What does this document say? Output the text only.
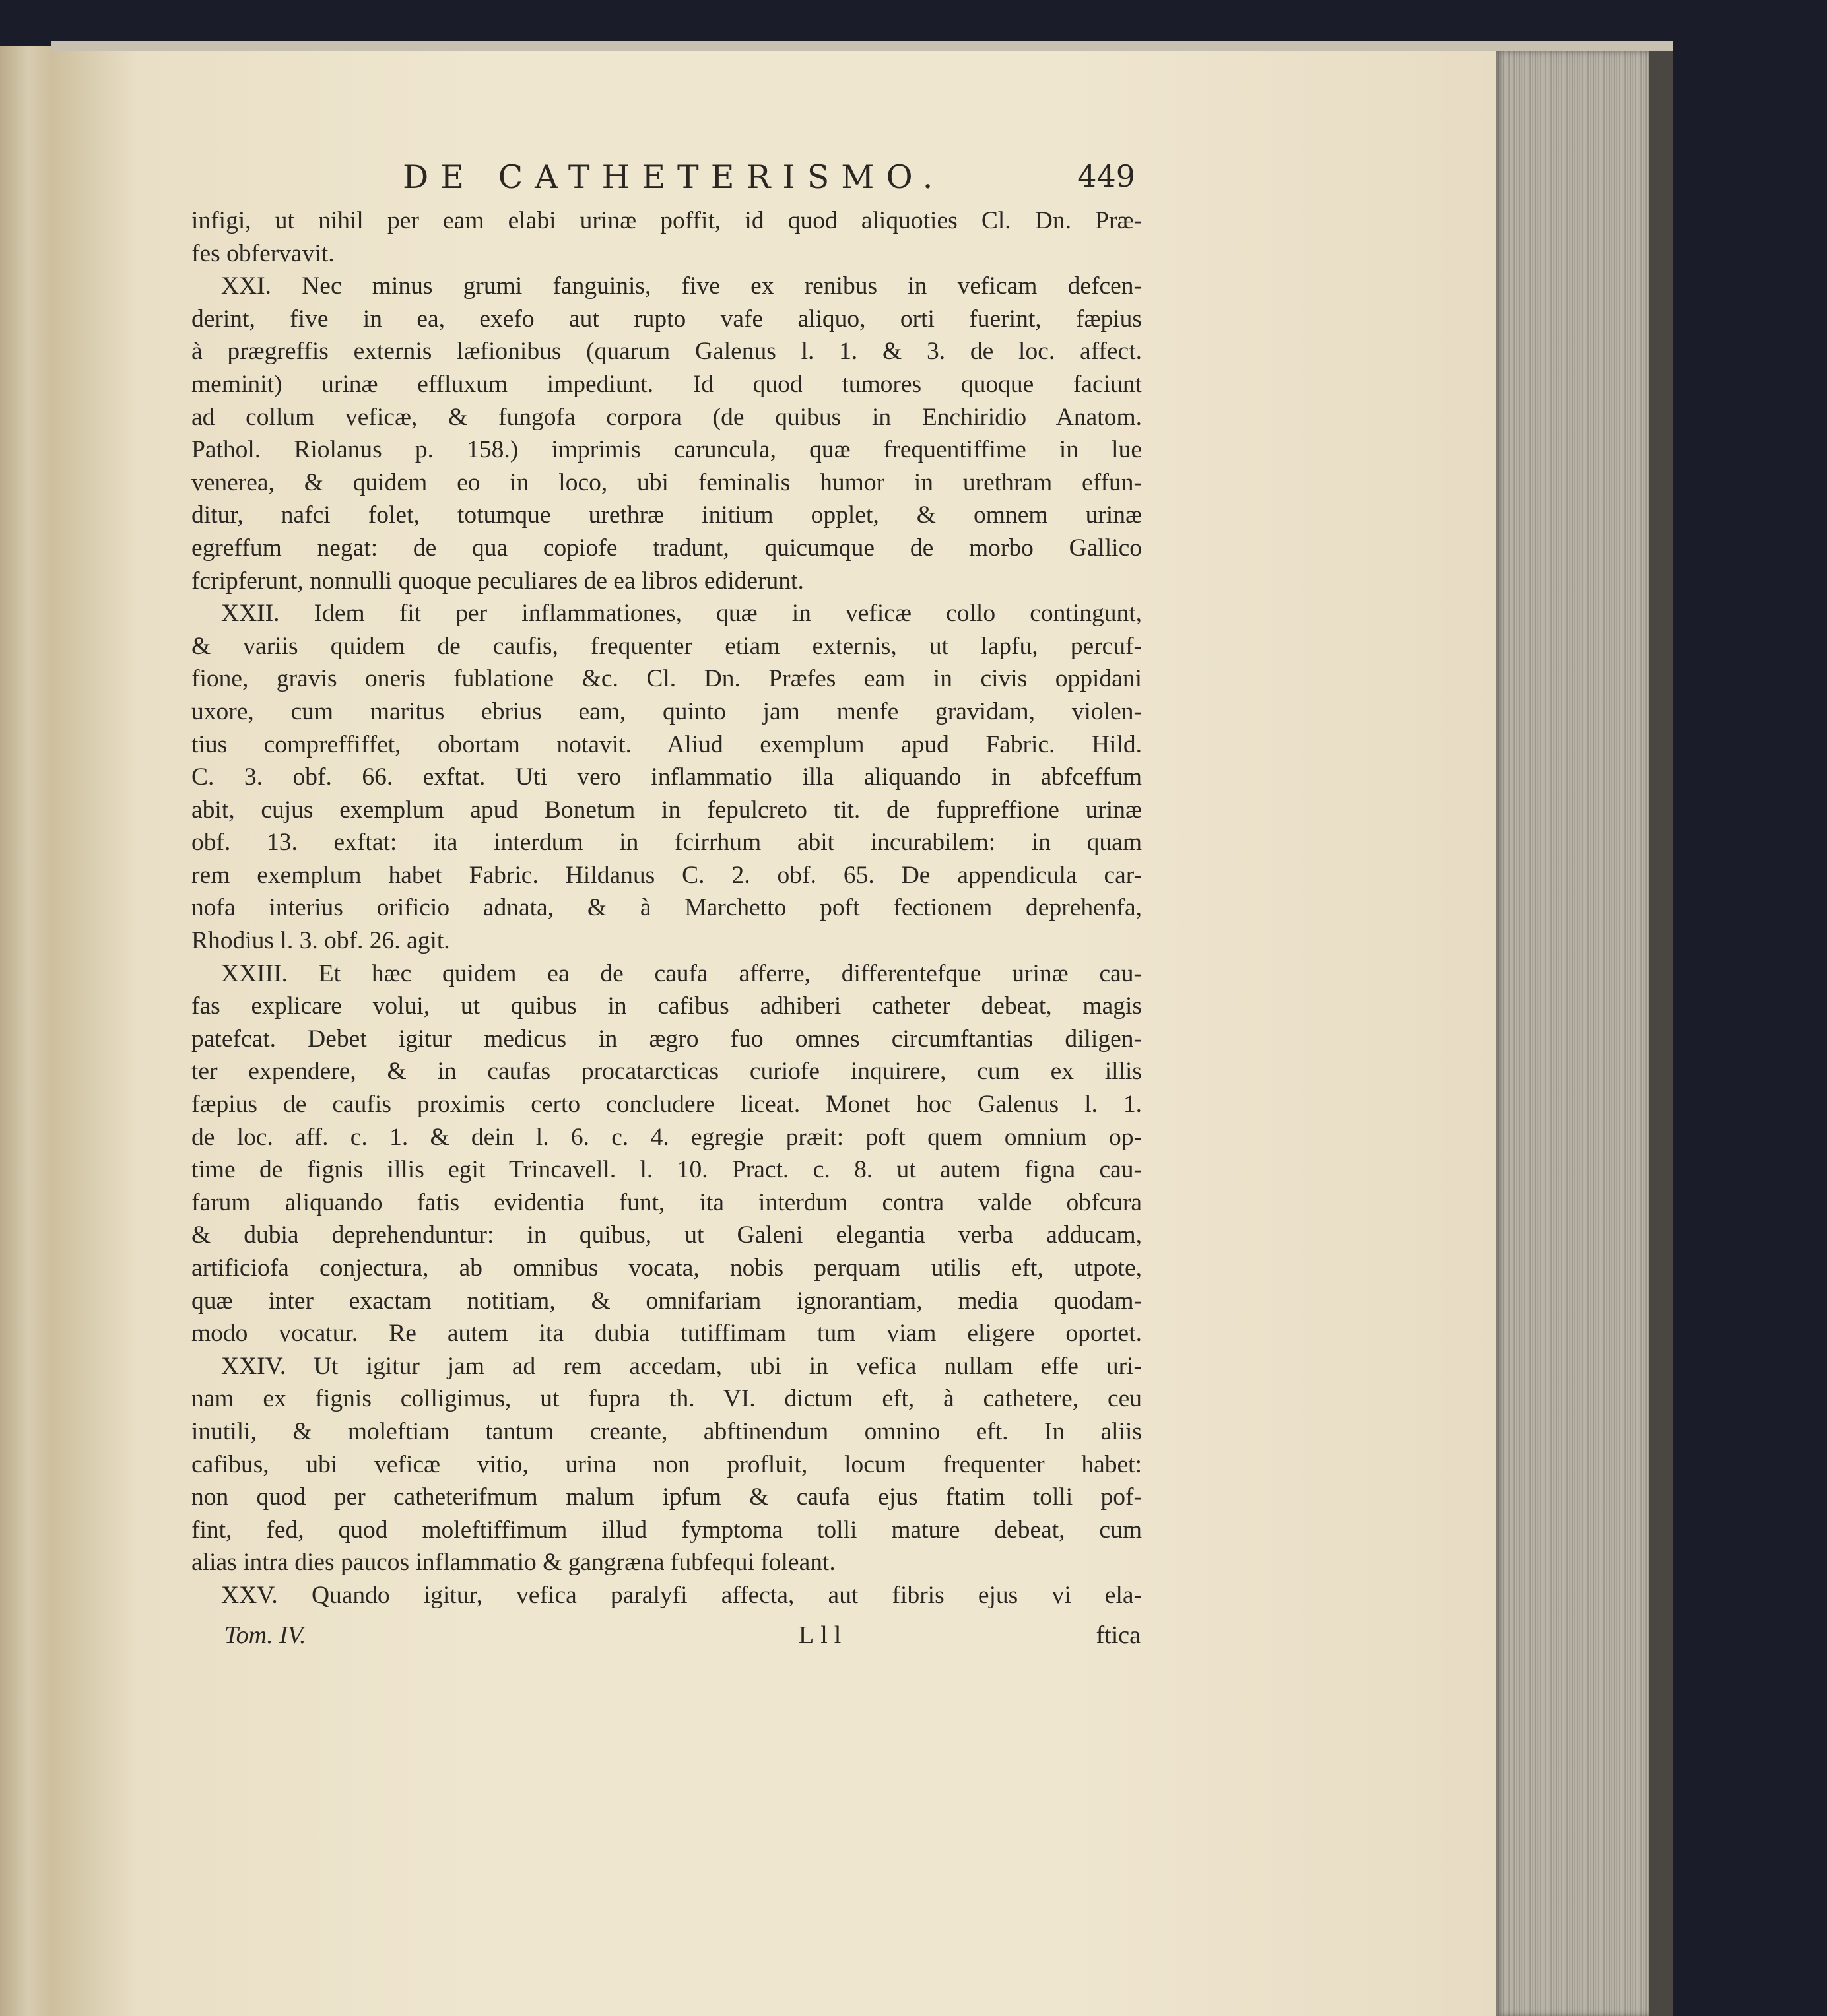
DE CATHETERISMO.	449
infigi, ut nihil per eam elabi urinæ poffit, id quod aliquoties Cl. Dn. Præ-
fes obfervavit.
XXI. Nec minus grumi fanguinis, five ex renibus in veficam defcen-
derint, five in ea, exefo aut rupto vafe aliquo, orti fuerint, fæpius
à prægreffis externis læfionibus (quarum Galenus l. 1. & 3. de loc. affect.
meminit) urinæ effluxum impediunt. Id quod tumores quoque faciunt
ad collum veficæ, & fungofa corpora (de quibus in Enchiridio Anatom.
Pathol. Riolanus p. 158.) imprimis caruncula, quæ frequentiffime in lue
venerea, & quidem eo in loco, ubi feminalis humor in urethram effun-
ditur, nafci folet, totumque urethræ initium opplet, & omnem urinæ
egreffum negat: de qua copiofe tradunt, quicumque de morbo Gallico
fcripferunt, nonnulli quoque peculiares de ea libros ediderunt.
XXII. Idem fit per inflammationes, quæ in veficæ collo contingunt,
& variis quidem de caufis, frequenter etiam externis, ut lapfu, percuf-
fione, gravis oneris fublatione &c. Cl. Dn. Præfes eam in civis oppidani
uxore, cum maritus ebrius eam, quinto jam menfe gravidam, violen-
tius compreffiffet, obortam notavit. Aliud exemplum apud Fabric. Hild.
C. 3. obf. 66. exftat. Uti vero inflammatio illa aliquando in abfceffum
abit, cujus exemplum apud Bonetum in fepulcreto tit. de fuppreffione urinæ
obf. 13. exftat: ita interdum in fcirrhum abit incurabilem: in quam
rem exemplum habet Fabric. Hildanus C. 2. obf. 65. De appendicula car-
nofa interius orificio adnata, & à Marchetto poft fectionem deprehenfa,
Rhodius l. 3. obf. 26. agit.
XXIII. Et hæc quidem ea de caufa afferre, differentefque urinæ cau-
fas explicare volui, ut quibus in cafibus adhiberi catheter debeat, magis
patefcat. Debet igitur medicus in ægro fuo omnes circumftantias diligen-
ter expendere, & in caufas procatarcticas curiofe inquirere, cum ex illis
fæpius de caufis proximis certo concludere liceat. Monet hoc Galenus l. 1.
de loc. aff. c. 1. & dein l. 6. c. 4. egregie præit: poft quem omnium op-
time de fignis illis egit Trincavell. l. 10. Pract. c. 8. ut autem figna cau-
farum aliquando fatis evidentia funt, ita interdum contra valde obfcura
& dubia deprehenduntur: in quibus, ut Galeni elegantia verba adducam,
artificiofa conjectura, ab omnibus vocata, nobis perquam utilis eft, utpote,
quæ inter exactam notitiam, & omnifariam ignorantiam, media quodam-
modo vocatur. Re autem ita dubia tutiffimam tum viam eligere oportet.
XXIV. Ut igitur jam ad rem accedam, ubi in vefica nullam effe uri-
nam ex fignis colligimus, ut fupra th. VI. dictum eft, à cathetere, ceu
inutili, & moleftiam tantum creante, abftinendum omnino eft. In aliis
cafibus, ubi veficæ vitio, urina non profluit, locum frequenter habet:
non quod per catheterifmum malum ipfum & caufa ejus ftatim tolli pof-
fint, fed, quod moleftiffimum illud fymptoma tolli mature debeat, cum
alias intra dies paucos inflammatio & gangræna fubfequi foleant.
XXV. Quando igitur, vefica paralyfi affecta, aut fibris ejus vi ela-
Tom. IV.	Lll	ftica
